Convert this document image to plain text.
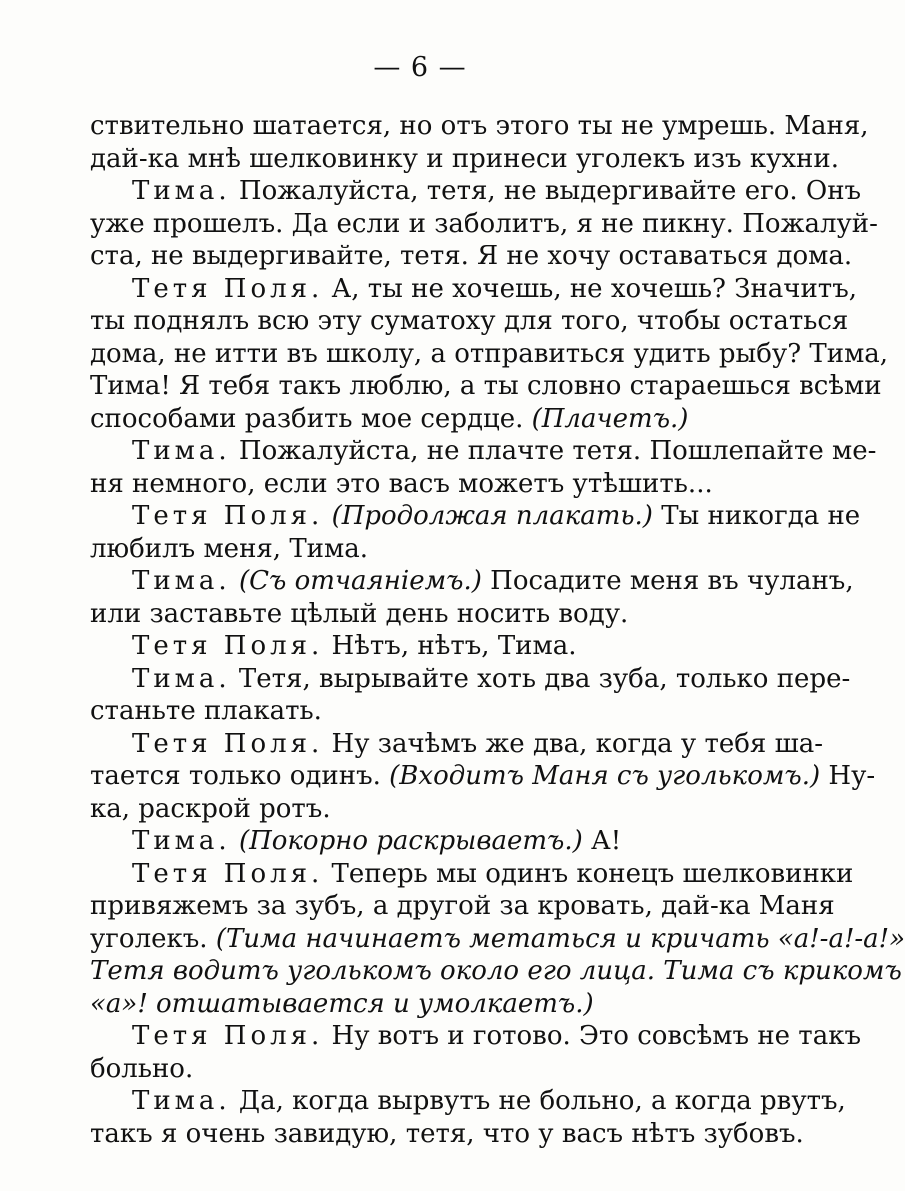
— 6 —
ствительно шатается, но отъ этого ты не умрешь. Маня,
дай-ка мнѣ шелковинку и принеси уголекъ изъ кухни.
Тима. Пожалуйста, тетя, не выдергивайте его. Онъ
уже прошелъ. Да если и заболитъ, я не пикну. Пожалуй-
ста, не выдергивайте, тетя. Я не хочу оставаться дома.
Тетя Поля. А, ты не хочешь, не хочешь? Значитъ,
ты поднялъ всю эту суматоху для того, чтобы остаться
дома, не итти въ школу, а отправиться удить рыбу? Тима,
Тима! Я тебя такъ люблю, а ты словно стараешься всѣми
способами разбить мое сердце. (Плачетъ.)
Тима. Пожалуйста, не плачте тетя. Пошлепайте ме-
ня немного, если это васъ можетъ утѣшить...
Тетя Поля. (Продолжая плакать.) Ты никогда не
любилъ меня, Тима.
Тима. (Съ отчаяніемъ.) Посадите меня въ чуланъ,
или заставьте цѣлый день носить воду.
Тетя Поля. Нѣтъ, нѣтъ, Тима.
Тима. Тетя, вырывайте хоть два зуба, только пере-
станьте плакать.
Тетя Поля. Ну зачѣмъ же два, когда у тебя ша-
тается только одинъ. (Входитъ Маня съ уголькомъ.) Ну-
ка, раскрой ротъ.
Тима. (Покорно раскрываетъ.) А!
Тетя Поля. Теперь мы одинъ конецъ шелковинки
привяжемъ за зубъ, а другой за кровать, дай-ка Маня
уголекъ. (Тима начинаетъ метаться и кричать «а!-а!-а!»
Тетя водитъ уголькомъ около его лица. Тима съ крикомъ
«а»! отшатывается и умолкаетъ.)
Тетя Поля. Ну вотъ и готово. Это совсѣмъ не такъ
больно.
Тима. Да, когда вырвутъ не больно, а когда рвутъ,
такъ я очень завидую, тетя, что у васъ нѣтъ зубовъ.
